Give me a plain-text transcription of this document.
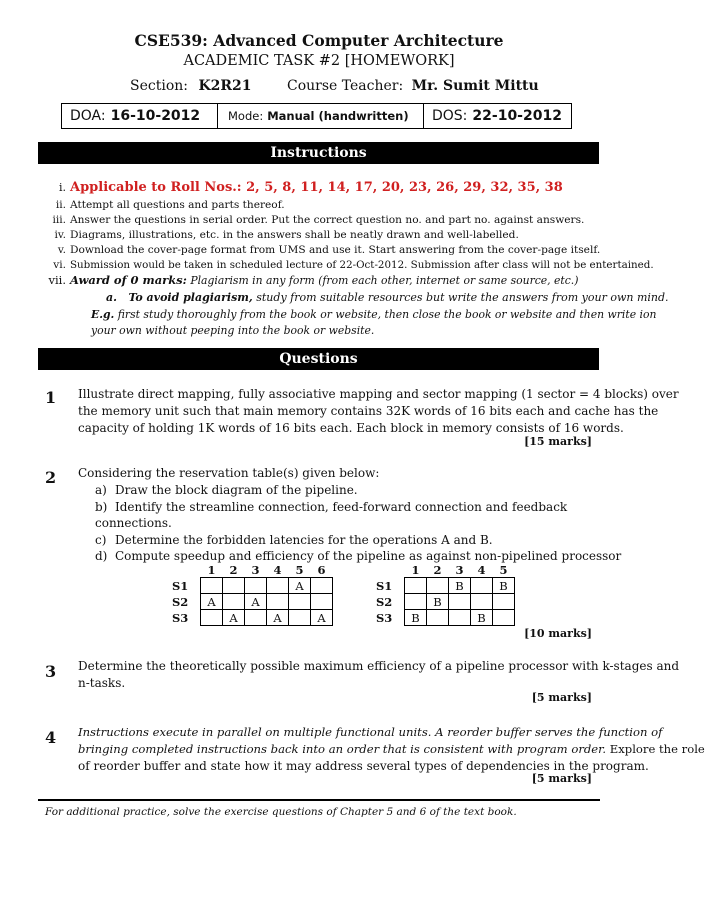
CSE539: Advanced Computer Architecture
ACADEMIC TASK #2 [HOMEWORK]
Section: K2R21	Course Teacher: Mr. Sumit Mittu
DOA: 16-10-2012 Mode: Manual (handwritten) DOS: 22-10-2012
Instructions
i. Applicable to Roll Nos.: 2, 5, 8, 11, 14, 17, 20, 23, 26, 29, 32, 35, 38
ii. Attempt all questions and parts thereof.
iii. Answer the questions in serial order. Put the correct question no. and part no. against answers.
iv. Diagrams, illustrations, etc. in the answers shall be neatly drawn and well-labelled.
v. Download the cover-page format from UMS and use it. Start answering from the cover-page itself.
vi. Submission would be taken in scheduled lecture of 22-Oct-2012. Submission after class will not be entertained.
vii. Award of 0 marks: Plagiarism in any form (from each other, internet or same source, etc.)
a. To avoid plagiarism, study from suitable resources but write the answers from your own mind.
E.g. first study thoroughly from the book or website, then close the book or website and then write ion
your own without peeping into the book or website.
Questions
1 Illustrate direct mapping, fully associative mapping and sector mapping (1 sector = 4 blocks) over
the memory unit such that main memory contains 32K words of 16 bits each and cache has the
capacity of holding 1K words of 16 bits each. Each block in memory consists of 16 words.
[15 marks]
2 Considering the reservation table(s) given below:
a) Draw the block diagram of the pipeline.
b) Identify the streamline connection, feed-forward connection and feedback connections.
c) Determine the forbidden latencies for the operations A and B.
d) Compute speedup and efficiency of the pipeline as against non-pipelined processor
	1	2	3	4	5	6
S1					A	
S2	A		A			
S3		A		A		A
	1	2	3	4	5
S1			B		B
S2		B			
S3	B			B	
[10 marks]
3 Determine the theoretically possible maximum efficiency of a pipeline processor with k-stages and
n-tasks.
[5 marks]
4 Instructions execute in parallel on multiple functional units. A reorder buffer serves the function of
bringing completed instructions back into an order that is consistent with program order. Explore the role
of reorder buffer and state how it may address several types of dependencies in the program.
[5 marks]
For additional practice, solve the exercise questions of Chapter 5 and 6 of the text book.
